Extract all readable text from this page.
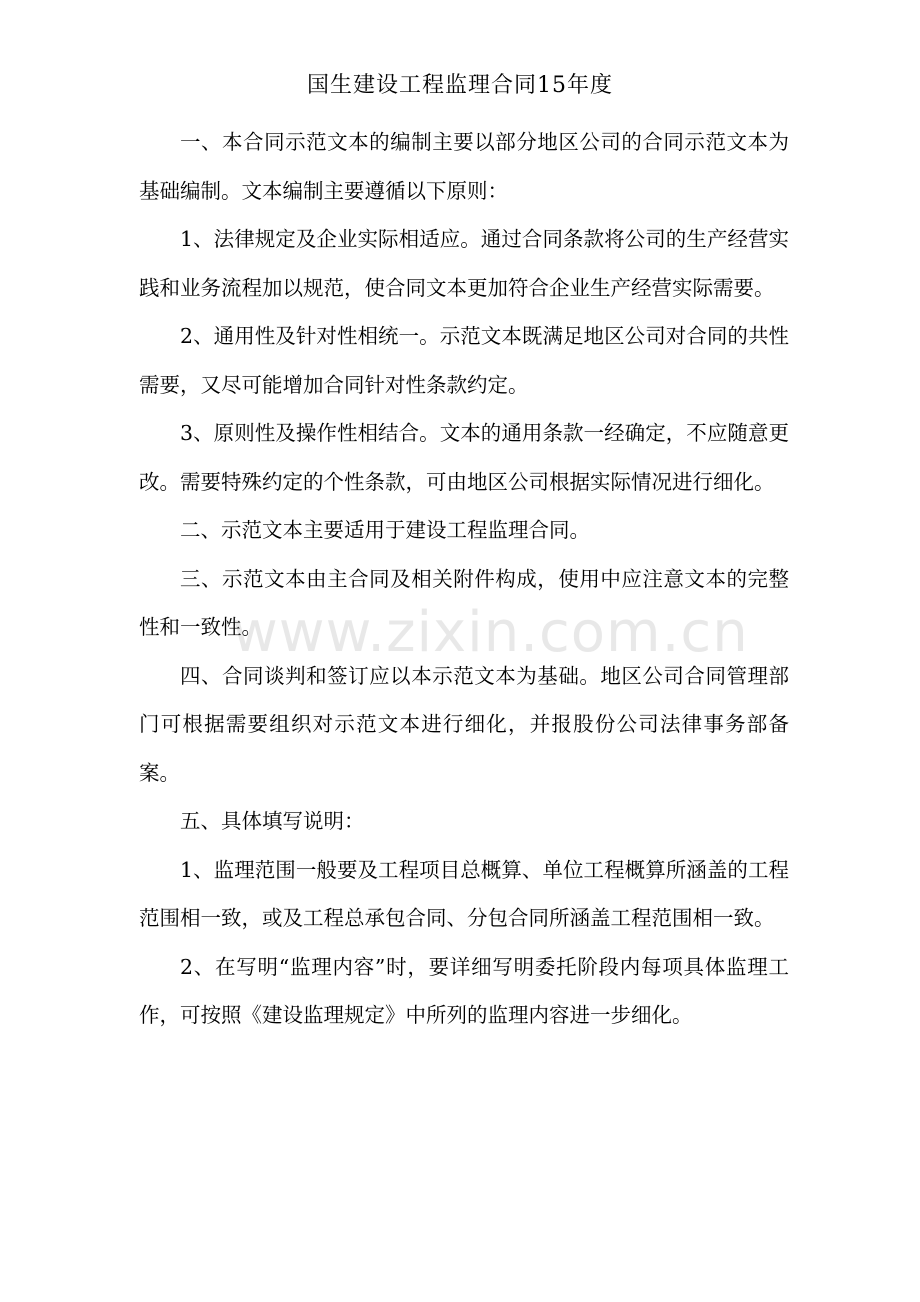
国生建设工程监理合同15年度

一、本合同示范文本的编制主要以部分地区公司的合同示范文本为基础编制。文本编制主要遵循以下原则：

1、法律规定及企业实际相适应。通过合同条款将公司的生产经营实践和业务流程加以规范，使合同文本更加符合企业生产经营实际需要。

2、通用性及针对性相统一。示范文本既满足地区公司对合同的共性需要，又尽可能增加合同针对性条款约定。

3、原则性及操作性相结合。文本的通用条款一经确定，不应随意更改。需要特殊约定的个性条款，可由地区公司根据实际情况进行细化。

二、示范文本主要适用于建设工程监理合同。

三、示范文本由主合同及相关附件构成，使用中应注意文本的完整性和一致性。

四、合同谈判和签订应以本示范文本为基础。地区公司合同管理部门可根据需要组织对示范文本进行细化，并报股份公司法律事务部备案。

五、具体填写说明：

1、监理范围一般要及工程项目总概算、单位工程概算所涵盖的工程范围相一致，或及工程总承包合同、分包合同所涵盖工程范围相一致。

2、在写明“监理内容”时，要详细写明委托阶段内每项具体监理工作，可按照《建设监理规定》中所列的监理内容进一步细化。

www.zixin.com.cn
